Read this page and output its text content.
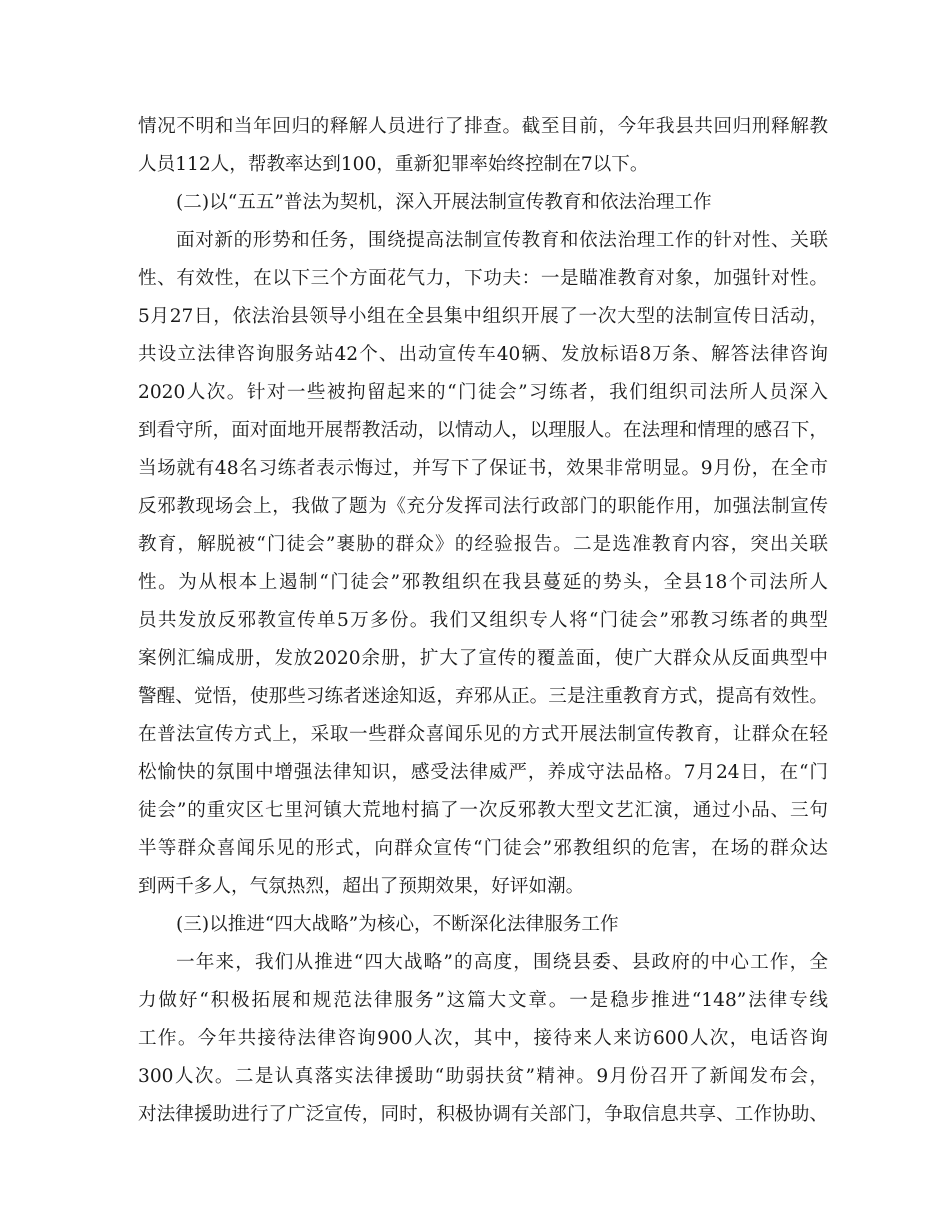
情况不明和当年回归的释解人员进行了排查。截至目前，今年我县共回归刑释解教
人员112人，帮教率达到100，重新犯罪率始终控制在7以下。
(二)以“五五”普法为契机，深入开展法制宣传教育和依法治理工作
面对新的形势和任务，围绕提高法制宣传教育和依法治理工作的针对性、关联
性、有效性，在以下三个方面花气力，下功夫：一是瞄准教育对象，加强针对性。
5月27日，依法治县领导小组在全县集中组织开展了一次大型的法制宣传日活动，
共设立法律咨询服务站42个、出动宣传车40辆、发放标语8万条、解答法律咨询
2020人次。针对一些被拘留起来的“门徒会”习练者，我们组织司法所人员深入
到看守所，面对面地开展帮教活动，以情动人，以理服人。在法理和情理的感召下，
当场就有48名习练者表示悔过，并写下了保证书，效果非常明显。9月份，在全市
反邪教现场会上，我做了题为《充分发挥司法行政部门的职能作用，加强法制宣传
教育，解脱被“门徒会”裹胁的群众》的经验报告。二是选准教育内容，突出关联
性。为从根本上遏制“门徒会”邪教组织在我县蔓延的势头，全县18个司法所人
员共发放反邪教宣传单5万多份。我们又组织专人将“门徒会”邪教习练者的典型
案例汇编成册，发放2020余册，扩大了宣传的覆盖面，使广大群众从反面典型中
警醒、觉悟，使那些习练者迷途知返，弃邪从正。三是注重教育方式，提高有效性。
在普法宣传方式上，采取一些群众喜闻乐见的方式开展法制宣传教育，让群众在轻
松愉快的氛围中增强法律知识，感受法律威严，养成守法品格。7月24日，在“门
徒会”的重灾区七里河镇大荒地村搞了一次反邪教大型文艺汇演，通过小品、三句
半等群众喜闻乐见的形式，向群众宣传“门徒会”邪教组织的危害，在场的群众达
到两千多人，气氛热烈，超出了预期效果，好评如潮。
(三)以推进“四大战略”为核心，不断深化法律服务工作
一年来，我们从推进“四大战略”的高度，围绕县委、县政府的中心工作，全
力做好“积极拓展和规范法律服务”这篇大文章。一是稳步推进“148”法律专线
工作。今年共接待法律咨询900人次，其中，接待来人来访600人次，电话咨询
300人次。二是认真落实法律援助“助弱扶贫”精神。9月份召开了新闻发布会，
对法律援助进行了广泛宣传，同时，积极协调有关部门，争取信息共享、工作协助、
